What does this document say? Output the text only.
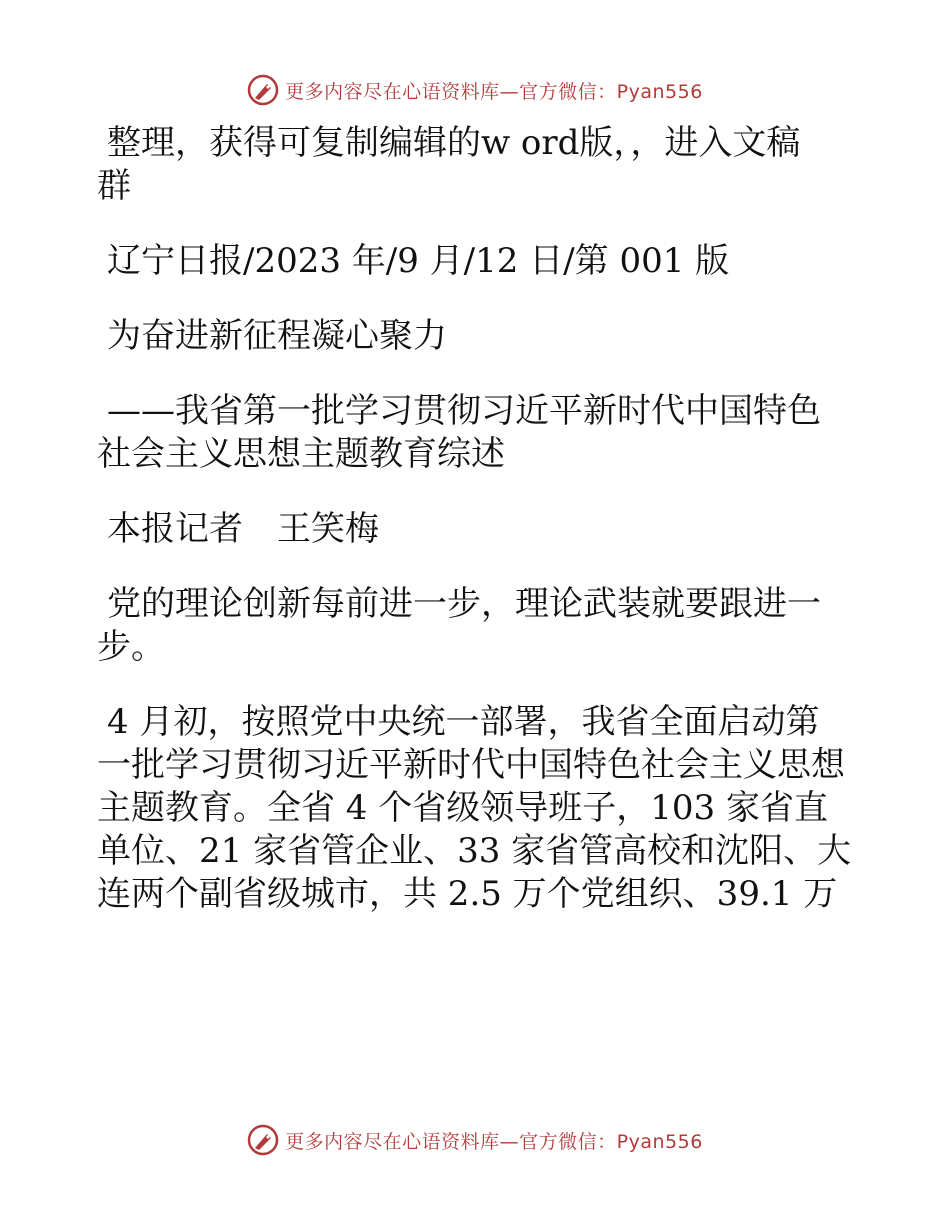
更多内容尽在心语资料库—官方微信：Pyan556

整理，获得可复制编辑的w ord版，，进入文稿
群

辽宁日报/2023 年/9 月/12 日/第 001 版

为奋进新征程凝心聚力

——我省第一批学习贯彻习近平新时代中国特色
社会主义思想主题教育综述

本报记者　王笑梅

党的理论创新每前进一步，理论武装就要跟进一
步。

4 月初，按照党中央统一部署，我省全面启动第
一批学习贯彻习近平新时代中国特色社会主义思想
主题教育。全省 4 个省级领导班子，103 家省直
单位、21 家省管企业、33 家省管高校和沈阳、大
连两个副省级城市，共 2.5 万个党组织、39.1 万

更多内容尽在心语资料库—官方微信：Pyan556
